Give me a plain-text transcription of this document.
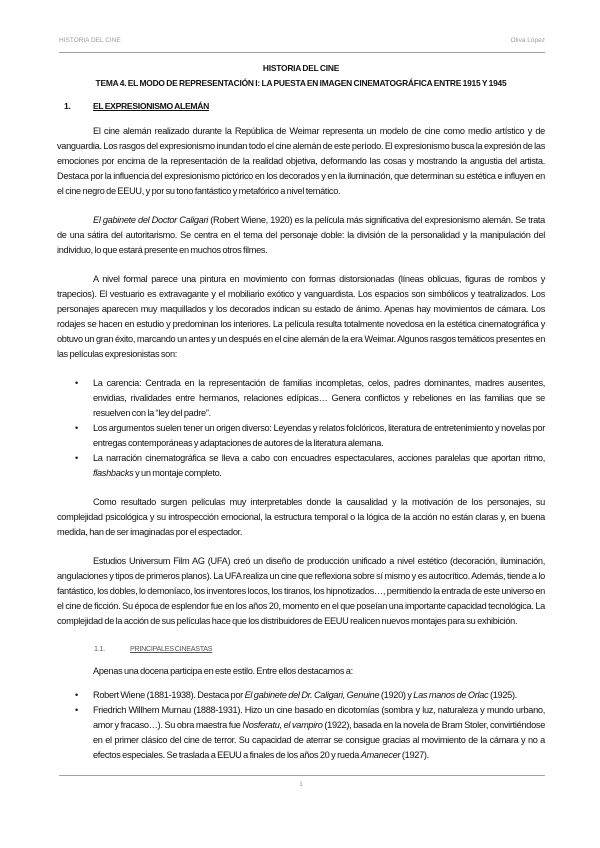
HISTORIA DEL CINE	Oliva López
HISTORIA DEL CINE
TEMA 4. EL MODO DE REPRESENTACIÓN I: LA PUESTA EN IMAGEN CINEMATOGRÁFICA ENTRE 1915 Y 1945
1.	EL EXPRESIONISMO ALEMÁN

El cine alemán realizado durante la República de Weimar representa un modelo de cine como medio artístico y de vanguardia. Los rasgos del expresionismo inundan todo el cine alemán de este período. El expresionismo busca la expresión de las emociones por encima de la representación de la realidad objetiva, deformando las cosas y mostrando la angustia del artista. Destaca por la influencia del expresionismo pictórico en los decorados y en la iluminación, que determinan su estética e influyen en el cine negro de EEUU, y por su tono fantástico y metafórico a nivel temático.

El gabinete del Doctor Caligari (Robert Wiene, 1920) es la película más significativa del expresionismo alemán. Se trata de una sátira del autoritarismo. Se centra en el tema del personaje doble: la división de la personalidad y la manipulación del individuo, lo que estará presente en muchos otros filmes.

A nivel formal parece una pintura en movimiento con formas distorsionadas (líneas oblicuas, figuras de rombos y trapecios). El vestuario es extravagante y el mobiliario exótico y vanguardista. Los espacios son simbólicos y teatralizados. Los personajes aparecen muy maquillados y los decorados indican su estado de ánimo. Apenas hay movimientos de cámara. Los rodajes se hacen en estudio y predominan los interiores. La película resulta totalmente novedosa en la estética cinematográfica y obtuvo un gran éxito, marcando un antes y un después en el cine alemán de la era Weimar. Algunos rasgos temáticos presentes en las películas expresionistas son:

• La carencia: Centrada en la representación de familias incompletas, celos, padres dominantes, madres ausentes, envidias, rivalidades entre hermanos, relaciones edípicas… Genera conflictos y rebeliones en las familias que se resuelven con la “ley del padre”.
• Los argumentos suelen tener un origen diverso: Leyendas y relatos folclóricos, literatura de entretenimiento y novelas por entregas contemporáneas y adaptaciones de autores de la literatura alemana.
• La narración cinematográfica se lleva a cabo con encuadres espectaculares, acciones paralelas que aportan ritmo, flashbacks y un montaje completo.

Como resultado surgen películas muy interpretables donde la causalidad y la motivación de los personajes, su complejidad psicológica y su introspección emocional, la estructura temporal o la lógica de la acción no están claras y, en buena medida, han de ser imaginadas por el espectador.

Estudios Universum Film AG (UFA) creó un diseño de producción unificado a nivel estético (decoración, iluminación, angulaciones y tipos de primeros planos). La UFA realiza un cine que reflexiona sobre sí mismo y es autocrítico. Además, tiende a lo fantástico, los dobles, lo demoníaco, los inventores locos, los tiranos, los hipnotizados…, permitiendo la entrada de este universo en el cine de ficción. Su época de esplendor fue en los años 20, momento en el que poseían una importante capacidad tecnológica. La complejidad de la acción de sus películas hace que los distribuidores de EEUU realicen nuevos montajes para su exhibición.

1.1.	PRINCIPALES CINEASTAS

Apenas una docena participa en este estilo. Entre ellos destacamos a:

• Robert Wiene (1881-1938). Destaca por El gabinete del Dr. Caligari, Genuine (1920) y Las manos de Orlac (1925).
• Friedrich Willhem Murnau (1888-1931). Hizo un cine basado en dicotomías (sombra y luz, naturaleza y mundo urbano, amor y fracaso…). Su obra maestra fue Nosferatu, el vampiro (1922), basada en la novela de Bram Stoler, convirtiéndose en el primer clásico del cine de terror. Su capacidad de aterrar se consigue gracias al movimiento de la cámara y no a efectos especiales. Se traslada a EEUU a finales de los años 20 y rueda Amanecer (1927).
1
